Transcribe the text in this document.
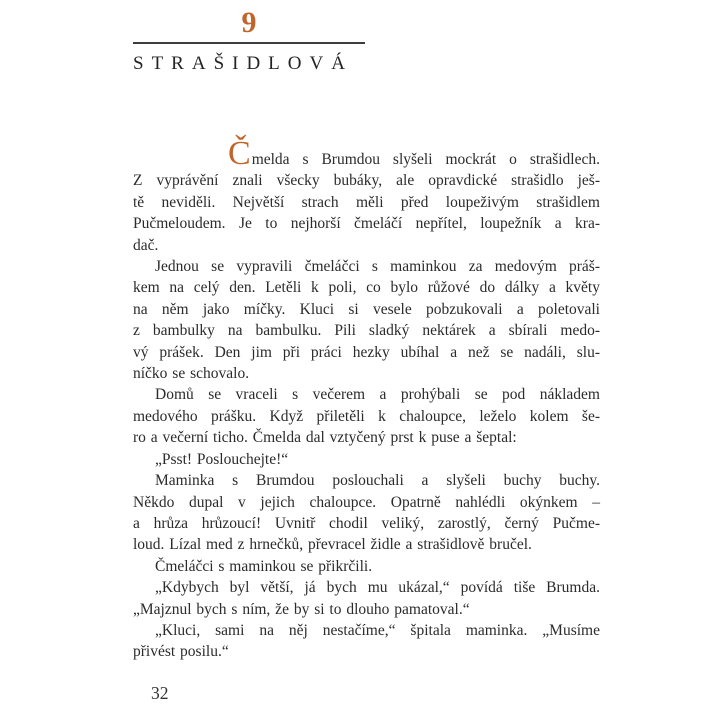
9
STRAŠIDLOVÁ

Čmelda s Brumdou slyšeli mockrát o strašidlech.
Z vyprávění znali všecky bubáky, ale opravdické strašidlo ješ-
tě neviděli. Největší strach měli před loupeživým strašidlem
Pučmeloudem. Je to nejhorší čmeláčí nepřítel, loupežník a kra-
dač.

Jednou se vypravili čmeláčci s maminkou za medovým práš-
kem na celý den. Letěli k poli, co bylo růžové do dálky a květy
na něm jako míčky. Kluci si vesele pobzukovali a poletovali
z bambulky na bambulku. Pili sladký nektárek a sbírali medo-
vý prášek. Den jim při práci hezky ubíhal a než se nadáli, slu-
níčko se schovalo.

Domů se vraceli s večerem a prohýbali se pod nákladem
medového prášku. Když přiletěli k chaloupce, leželo kolem še-
ro a večerní ticho. Čmelda dal vztyčený prst k puse a šeptal:

„Psst! Poslouchejte!“

Maminka s Brumdou poslouchali a slyšeli buchy buchy.
Někdo dupal v jejich chaloupce. Opatrně nahlédli okýnkem –
a hrůza hrůzoucí! Uvnitř chodil veliký, zarostlý, černý Pučme-
loud. Lízal med z hrnečků, převracel židle a strašidlově bručel.

Čmeláčci s maminkou se přikrčili.

„Kdybych byl větší, já bych mu ukázal,“ povídá tiše Brumda.
„Majznul bych s ním, že by si to dlouho pamatoval.“

„Kluci, sami na něj nestačíme,“ špitala maminka. „Musíme
přivést posilu.“

32
